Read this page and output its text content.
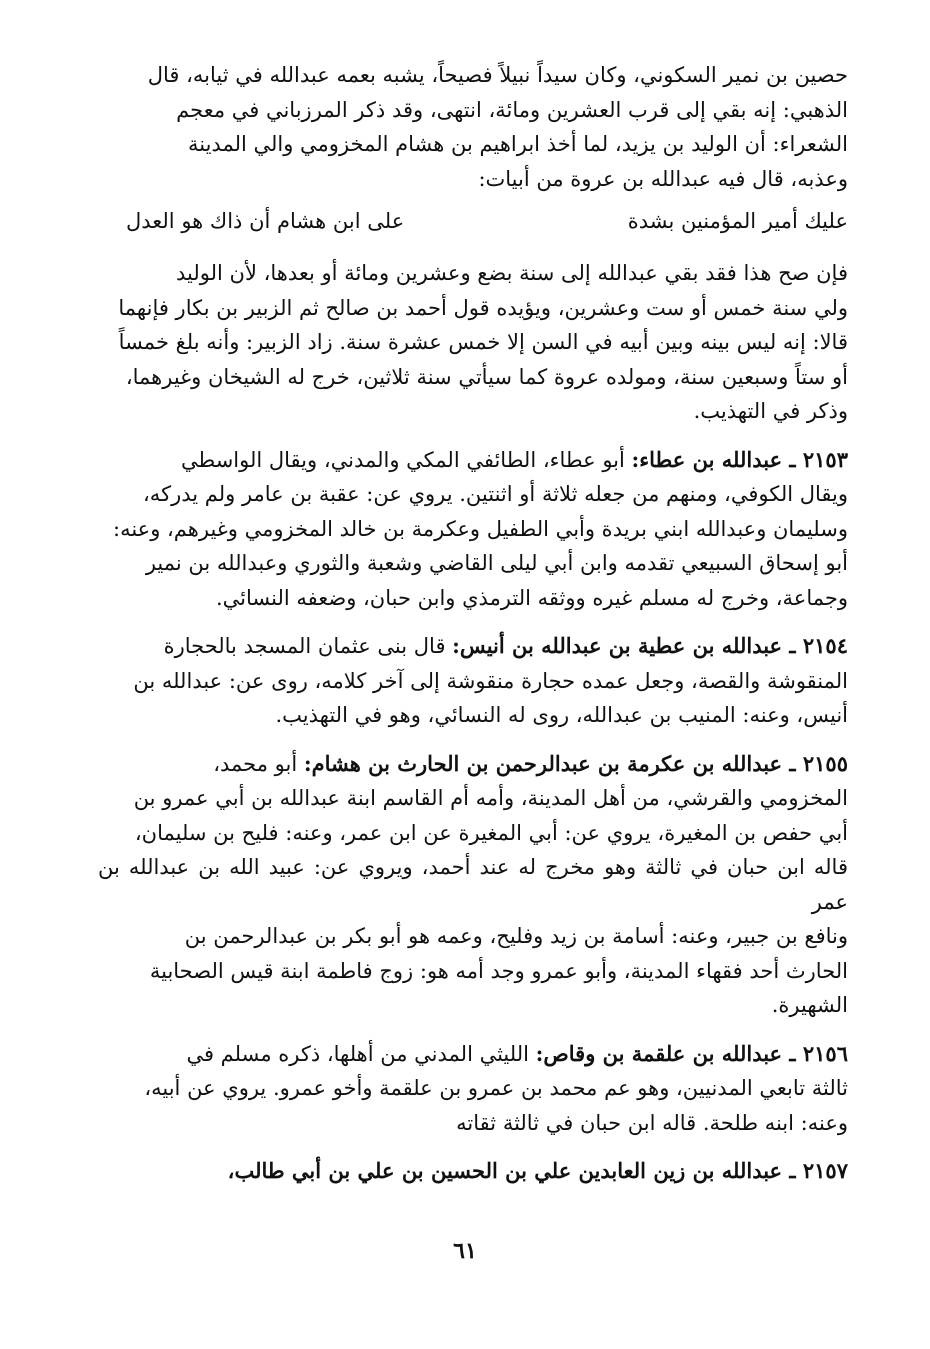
حصين بن نمير السكوني، وكان سيداً نبيلاً فصيحاً، يشبه بعمه عبدالله في ثيابه، قال

الذهبي: إنه بقي إلى قرب العشرين ومائة، انتهى، وقد ذكر المرزباني في معجم

الشعراء: أن الوليد بن يزيد، لما أخذ ابراهيم بن هشام المخزومي والي المدينة

وعذبه، قال فيه عبدالله بن عروة من أبيات:

عليك أمير المؤمنين بشدة
على ابن هشام أن ذاك هو العدل

فإن صح هذا فقد بقي عبدالله إلى سنة بضع وعشرين ومائة أو بعدها، لأن الوليد

ولي سنة خمس أو ست وعشرين، ويؤيده قول أحمد بن صالح ثم الزبير بن بكار فإنهما

قالا: إنه ليس بينه وبين أبيه في السن إلا خمس عشرة سنة. زاد الزبير: وأنه بلغ خمساً

أو ستاً وسبعين سنة، ومولده عروة كما سيأتي سنة ثلاثين، خرج له الشيخان وغيرهما،

وذكر في التهذيب.

٢١٥٣ ـ عبدالله بن عطاء: أبو عطاء، الطائفي المكي والمدني، ويقال الواسطي

ويقال الكوفي، ومنهم من جعله ثلاثة أو اثنتين. يروي عن: عقبة بن عامر ولم يدركه،

وسليمان وعبدالله ابني بريدة وأبي الطفيل وعكرمة بن خالد المخزومي وغيرهم، وعنه:

أبو إسحاق السبيعي تقدمه وابن أبي ليلى القاضي وشعبة والثوري وعبدالله بن نمير

وجماعة، وخرج له مسلم غيره ووثقه الترمذي وابن حبان، وضعفه النسائي.

٢١٥٤ ـ عبدالله بن عطية بن عبدالله بن أنيس: قال بنى عثمان المسجد بالحجارة

المنقوشة والقصة، وجعل عمده حجارة منقوشة إلى آخر كلامه، روى عن: عبدالله بن

أنيس، وعنه: المنيب بن عبدالله، روى له النسائي، وهو في التهذيب.

٢١٥٥ ـ عبدالله بن عكرمة بن عبدالرحمن بن الحارث بن هشام: أبو محمد،

المخزومي والقرشي، من أهل المدينة، وأمه أم القاسم ابنة عبدالله بن أبي عمرو بن

أبي حفص بن المغيرة، يروي عن: أبي المغيرة عن ابن عمر، وعنه: فليح بن سليمان،

قاله ابن حبان في ثالثة وهو مخرج له عند أحمد، ويروي عن: عبيد الله بن عبدالله بن عمر

ونافع بن جبير، وعنه: أسامة بن زيد وفليح، وعمه هو أبو بكر بن عبدالرحمن بن

الحارث أحد فقهاء المدينة، وأبو عمرو وجد أمه هو: زوج فاطمة ابنة قيس الصحابية

الشهيرة.

٢١٥٦ ـ عبدالله بن علقمة بن وقاص: الليثي المدني من أهلها، ذكره مسلم في

ثالثة تابعي المدنيين، وهو عم محمد بن عمرو بن علقمة وأخو عمرو. يروي عن أبيه،

وعنه: ابنه طلحة. قاله ابن حبان في ثالثة ثقاته

٢١٥٧ ـ عبدالله بن زين العابدين علي بن الحسين بن علي بن أبي طالب،

٦١
